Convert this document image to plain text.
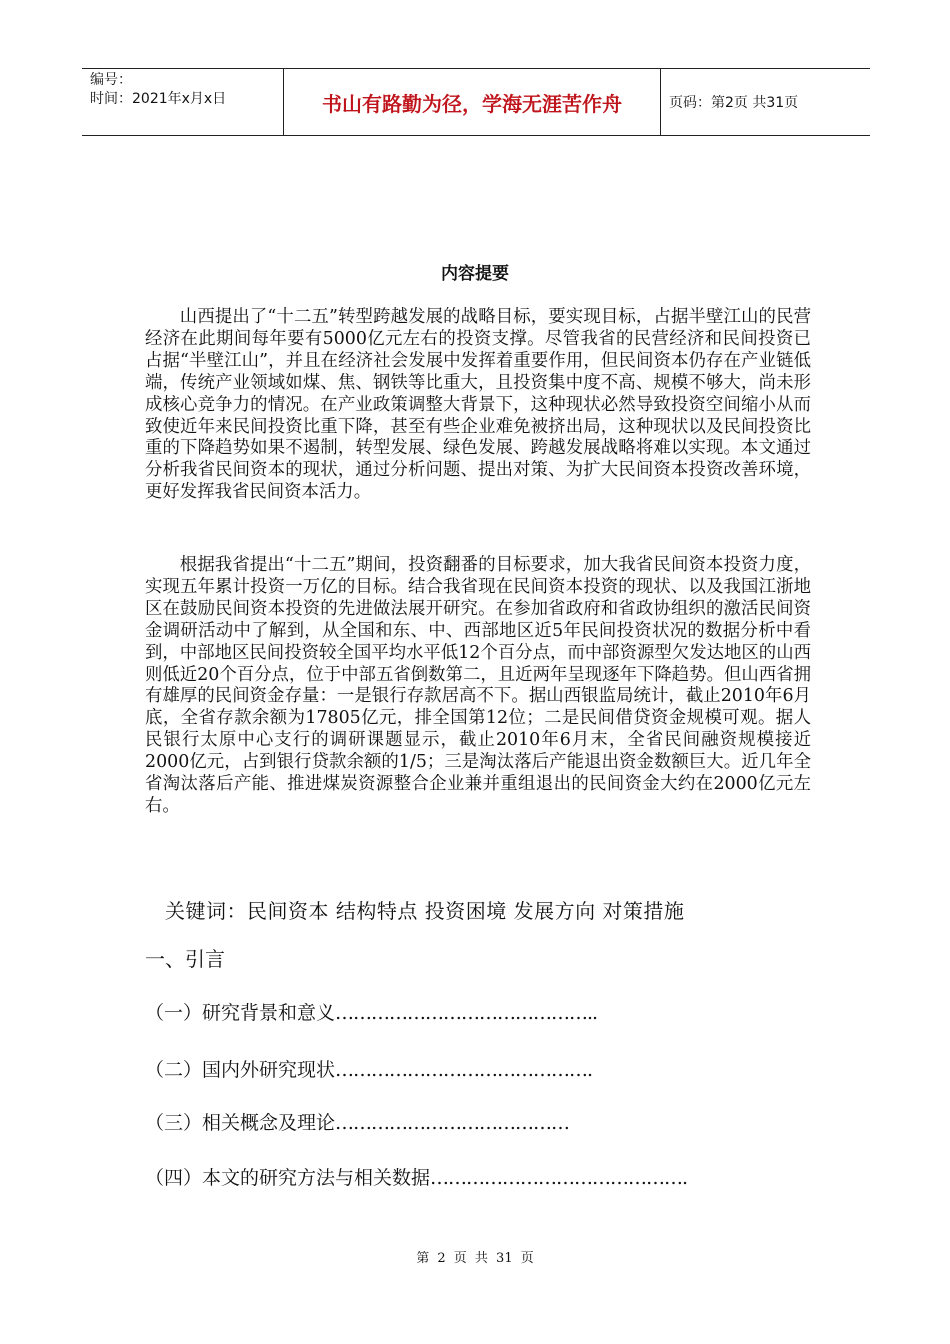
编号：
时间：2021年x月x日	书山有路勤为径，学海无涯苦作舟	页码：第2页 共31页
内容提要

山西提出了“十二五”转型跨越发展的战略目标，要实现目标，占据半壁江山的民营经济在此期间每年要有5000亿元左右的投资支撑。尽管我省的民营经济和民间投资已占据“半壁江山”，并且在经济社会发展中发挥着重要作用，但民间资本仍存在产业链低端，传统产业领域如煤、焦、钢铁等比重大，且投资集中度不高、规模不够大，尚未形成核心竞争力的情况。在产业政策调整大背景下，这种现状必然导致投资空间缩小从而致使近年来民间投资比重下降，甚至有些企业难免被挤出局，这种现状以及民间投资比重的下降趋势如果不遏制，转型发展、绿色发展、跨越发展战略将难以实现。本文通过分析我省民间资本的现状，通过分析问题、提出对策、为扩大民间资本投资改善环境，更好发挥我省民间资本活力。

根据我省提出“十二五”期间，投资翻番的目标要求，加大我省民间资本投资力度，实现五年累计投资一万亿的目标。结合我省现在民间资本投资的现状、以及我国江浙地区在鼓励民间资本投资的先进做法展开研究。在参加省政府和省政协组织的激活民间资金调研活动中了解到，从全国和东、中、西部地区近5年民间投资状况的数据分析中看到，中部地区民间投资较全国平均水平低12个百分点，而中部资源型欠发达地区的山西则低近20个百分点，位于中部五省倒数第二，且近两年呈现逐年下降趋势。但山西省拥有雄厚的民间资金存量：一是银行存款居高不下。据山西银监局统计，截止2010年6月底，全省存款余额为17805亿元，排全国第12位；二是民间借贷资金规模可观。据人民银行太原中心支行的调研课题显示，截止2010年6月末，全省民间融资规模接近2000亿元，占到银行贷款余额的1/5；三是淘汰落后产能退出资金数额巨大。近几年全省淘汰落后产能、推进煤炭资源整合企业兼并重组退出的民间资金大约在2000亿元左右。

关键词：民间资本 结构特点 投资困境 发展方向 对策措施
一、引言
（一）研究背景和意义……………………………………..
（二）国内外研究现状…………………………………….
（三）相关概念及理论…………………………………
（四）本文的研究方法与相关数据…………………………………….
第 2 页 共 31 页
